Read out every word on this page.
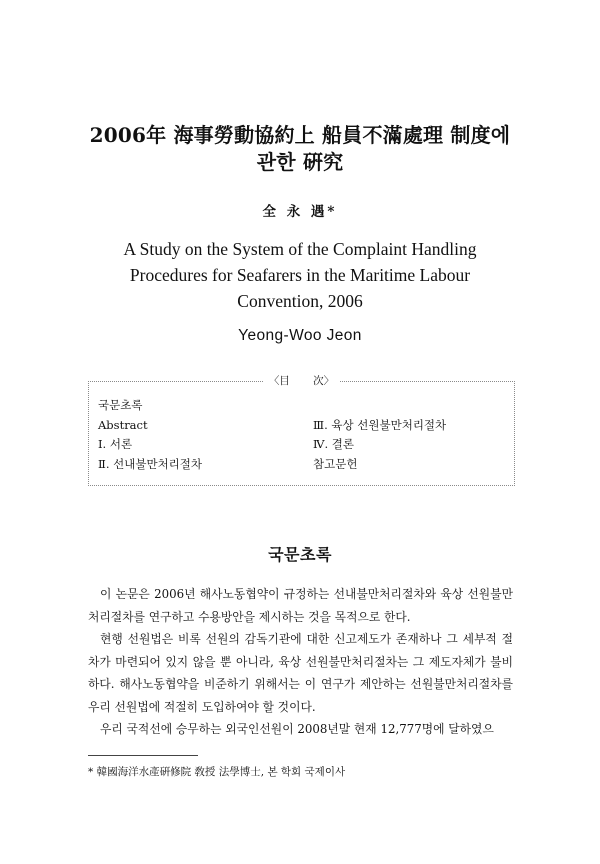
2006年 海事勞動協約上 船員不滿處理 制度에
관한 硏究
全 永 遇*
A Study on the System of the Complaint Handling
Procedures for Seafarers in the Maritime Labour
Convention, 2006
Yeong-Woo Jeon
〈目       次〉
국문초록
Abstract
Ⅰ. 서론
Ⅱ. 선내불만처리절차
Ⅲ. 육상 선원불만처리절차
Ⅳ. 결론
참고문헌
국문초록

이 논문은 2006년 해사노동협약이 규정하는 선내불만처리절차와 육상 선원불만처리절차를 연구하고 수용방안을 제시하는 것을 목적으로 한다.

현행 선원법은 비록 선원의 감독기관에 대한 신고제도가 존재하나 그 세부적 절차가 마련되어 있지 않을 뿐 아니라, 육상 선원불만처리절차는 그 제도자체가 불비하다. 해사노동협약을 비준하기 위해서는 이 연구가 제안하는 선원불만처리절차를 우리 선원법에 적절히 도입하여야 할 것이다.

우리 국적선에 승무하는 외국인선원이 2008년말 현재 12,777명에 달하였으

* 韓國海洋水產硏修院 敎授 法學博士, 본 학회 국제이사
